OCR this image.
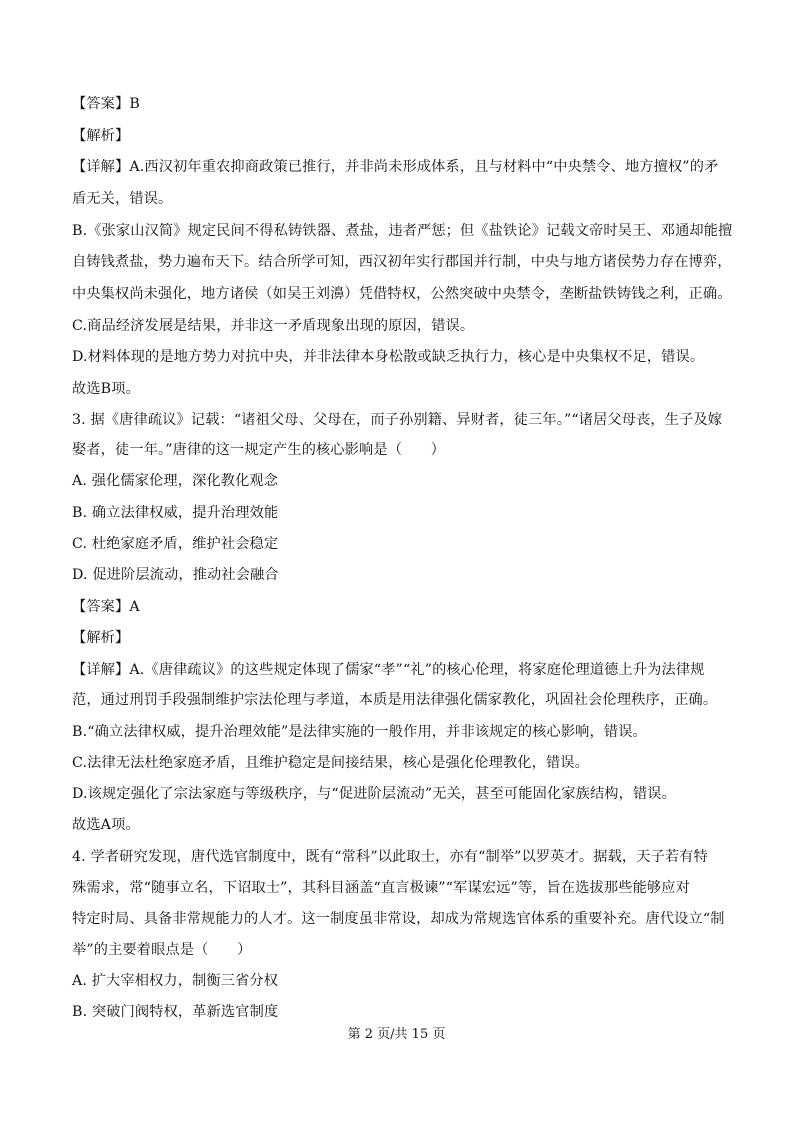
【答案】B
【解析】
【详解】A.西汉初年重农抑商政策已推行，并非尚未形成体系，且与材料中“中央禁令、地方擅权”的矛
盾无关，错误。
B.《张家山汉简》规定民间不得私铸铁器、煮盐，违者严惩；但《盐铁论》记载文帝时吴王、邓通却能擅
自铸钱煮盐，势力遍布天下。结合所学可知，西汉初年实行郡国并行制，中央与地方诸侯势力存在博弈，
中央集权尚未强化，地方诸侯（如吴王刘濞）凭借特权，公然突破中央禁令，垄断盐铁铸钱之利，正确。
C.商品经济发展是结果，并非这一矛盾现象出现的原因，错误。
D.材料体现的是地方势力对抗中央，并非法律本身松散或缺乏执行力，核心是中央集权不足，错误。
故选B项。
3. 据《唐律疏议》记载：“诸祖父母、父母在，而子孙别籍、异财者，徒三年。”“诸居父母丧，生子及嫁
娶者，徒一年。”唐律的这一规定产生的核心影响是（　　）
A. 强化儒家伦理，深化教化观念
B. 确立法律权威，提升治理效能
C. 杜绝家庭矛盾，维护社会稳定
D. 促进阶层流动，推动社会融合
【答案】A
【解析】
【详解】A.《唐律疏议》的这些规定体现了儒家“孝”“礼”的核心伦理，将家庭伦理道德上升为法律规
范，通过刑罚手段强制维护宗法伦理与孝道，本质是用法律强化儒家教化，巩固社会伦理秩序，正确。
B.“确立法律权威，提升治理效能”是法律实施的一般作用，并非该规定的核心影响，错误。
C.法律无法杜绝家庭矛盾，且维护稳定是间接结果，核心是强化伦理教化，错误。
D.该规定强化了宗法家庭与等级秩序，与“促进阶层流动”无关，甚至可能固化家族结构，错误。
故选A项。
4. 学者研究发现，唐代选官制度中，既有“常科”以此取士，亦有“制举”以罗英才。据载，天子若有特
殊需求，常“随事立名，下诏取士”，其科目涵盖“直言极谏”“军谋宏远”等，旨在选拔那些能够应对
特定时局、具备非常规能力的人才。这一制度虽非常设，却成为常规选官体系的重要补充。唐代设立“制
举”的主要着眼点是（　　）
A. 扩大宰相权力，制衡三省分权
B. 突破门阀特权，革新选官制度
第 2 页/共 15 页
